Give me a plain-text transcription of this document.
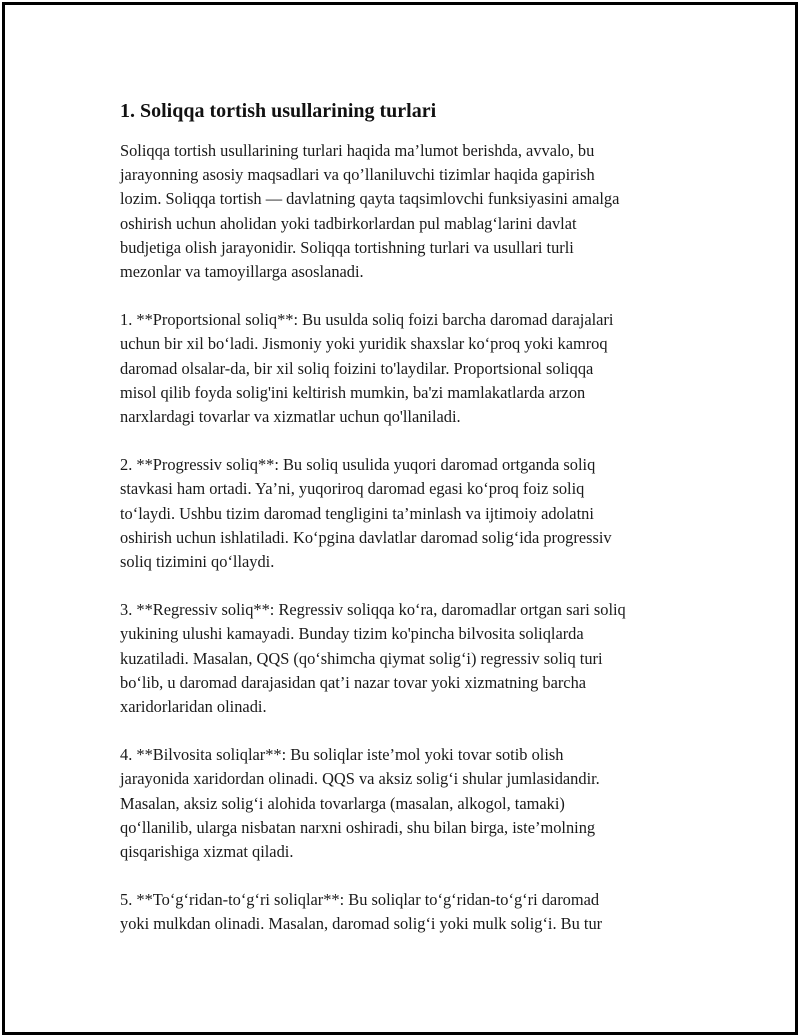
1. Soliqqa tortish usullarining turlari

Soliqqa tortish usullarining turlari haqida ma’lumot berishda, avvalo, bu
jarayonning asosiy maqsadlari va qo’llaniluvchi tizimlar haqida gapirish
lozim. Soliqqa tortish — davlatning qayta taqsimlovchi funksiyasini amalga
oshirish uchun aholidan yoki tadbirkorlardan pul mablag‘larini davlat
budjetiga olish jarayonidir. Soliqqa tortishning turlari va usullari turli
mezonlar va tamoyillarga asoslanadi.

1. **Proportsional soliq**: Bu usulda soliq foizi barcha daromad darajalari
uchun bir xil bo‘ladi. Jismoniy yoki yuridik shaxslar ko‘proq yoki kamroq
daromad olsalar-da, bir xil soliq foizini to'laydilar. Proportsional soliqqa
misol qilib foyda solig'ini keltirish mumkin, ba'zi mamlakatlarda arzon
narxlardagi tovarlar va xizmatlar uchun qo'llaniladi.

2. **Progressiv soliq**: Bu soliq usulida yuqori daromad ortganda soliq
stavkasi ham ortadi. Ya’ni, yuqoriroq daromad egasi ko‘proq foiz soliq
to‘laydi. Ushbu tizim daromad tengligini ta’minlash va ijtimoiy adolatni
oshirish uchun ishlatiladi. Ko‘pgina davlatlar daromad solig‘ida progressiv
soliq tizimini qo‘llaydi.

3. **Regressiv soliq**: Regressiv soliqqa ko‘ra, daromadlar ortgan sari soliq
yukining ulushi kamayadi. Bunday tizim ko'pincha bilvosita soliqlarda
kuzatiladi. Masalan, QQS (qo‘shimcha qiymat solig‘i) regressiv soliq turi
bo‘lib, u daromad darajasidan qat’i nazar tovar yoki xizmatning barcha
xaridorlaridan olinadi.

4. **Bilvosita soliqlar**: Bu soliqlar iste’mol yoki tovar sotib olish
jarayonida xaridordan olinadi. QQS va aksiz solig‘i shular jumlasidandir.
Masalan, aksiz solig‘i alohida tovarlarga (masalan, alkogol, tamaki)
qo‘llanilib, ularga nisbatan narxni oshiradi, shu bilan birga, iste’molning
qisqarishiga xizmat qiladi.

5. **To‘g‘ridan-to‘g‘ri soliqlar**: Bu soliqlar to‘g‘ridan-to‘g‘ri daromad
yoki mulkdan olinadi. Masalan, daromad solig‘i yoki mulk solig‘i. Bu tur
